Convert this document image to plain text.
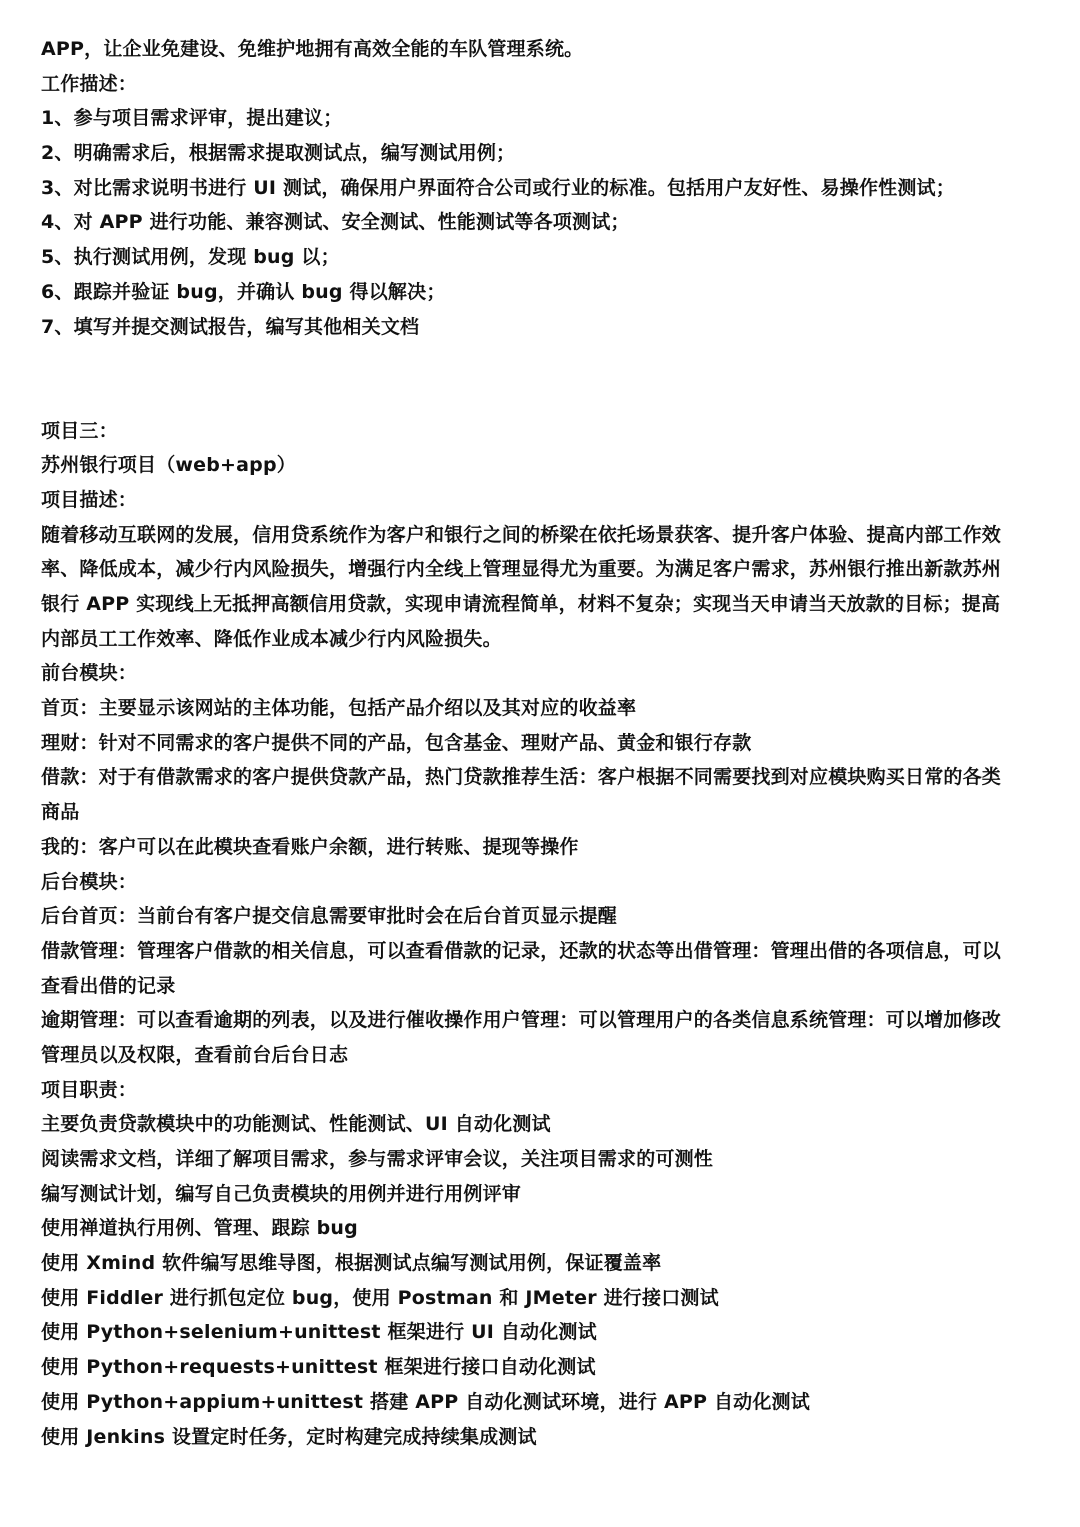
APP，让企业免建设、免维护地拥有高效全能的车队管理系统。
工作描述：
1、参与项目需求评审，提出建议；
2、明确需求后，根据需求提取测试点，编写测试用例；
3、对比需求说明书进行 UI 测试，确保用户界面符合公司或行业的标准。包括用户友好性、易操作性测试；
4、对 APP 进行功能、兼容测试、安全测试、性能测试等各项测试；
5、执行测试用例，发现 bug 以；
6、跟踪并验证 bug，并确认 bug 得以解决；
7、填写并提交测试报告，编写其他相关文档
项目三：
苏州银行项目（web+app）
项目描述：
随着移动互联网的发展，信用贷系统作为客户和银行之间的桥梁在依托场景获客、提升客户体验、提高内部工作效
率、降低成本，减少行内风险损失，增强行内全线上管理显得尤为重要。为满足客户需求，苏州银行推出新款苏州
银行 APP 实现线上无抵押高额信用贷款，实现申请流程简单，材料不复杂；实现当天申请当天放款的目标；提高
内部员工工作效率、降低作业成本减少行内风险损失。
前台模块：
首页：主要显示该网站的主体功能，包括产品介绍以及其对应的收益率
理财：针对不同需求的客户提供不同的产品，包含基金、理财产品、黄金和银行存款
借款：对于有借款需求的客户提供贷款产品，热门贷款推荐生活：客户根据不同需要找到对应模块购买日常的各类
商品
我的：客户可以在此模块查看账户余额，进行转账、提现等操作
后台模块：
后台首页：当前台有客户提交信息需要审批时会在后台首页显示提醒
借款管理：管理客户借款的相关信息，可以查看借款的记录，还款的状态等出借管理：管理出借的各项信息，可以
查看出借的记录
逾期管理：可以查看逾期的列表，以及进行催收操作用户管理：可以管理用户的各类信息系统管理：可以增加修改
管理员以及权限，查看前台后台日志
项目职责：
主要负责贷款模块中的功能测试、性能测试、UI 自动化测试
阅读需求文档，详细了解项目需求，参与需求评审会议，关注项目需求的可测性
编写测试计划，编写自己负责模块的用例并进行用例评审
使用禅道执行用例、管理、跟踪 bug
使用 Xmind 软件编写思维导图，根据测试点编写测试用例，保证覆盖率
使用 Fiddler 进行抓包定位 bug，使用 Postman 和 JMeter 进行接口测试
使用 Python+selenium+unittest 框架进行 UI 自动化测试
使用 Python+requests+unittest 框架进行接口自动化测试
使用 Python+appium+unittest 搭建 APP 自动化测试环境，进行 APP 自动化测试
使用 Jenkins 设置定时任务，定时构建完成持续集成测试
